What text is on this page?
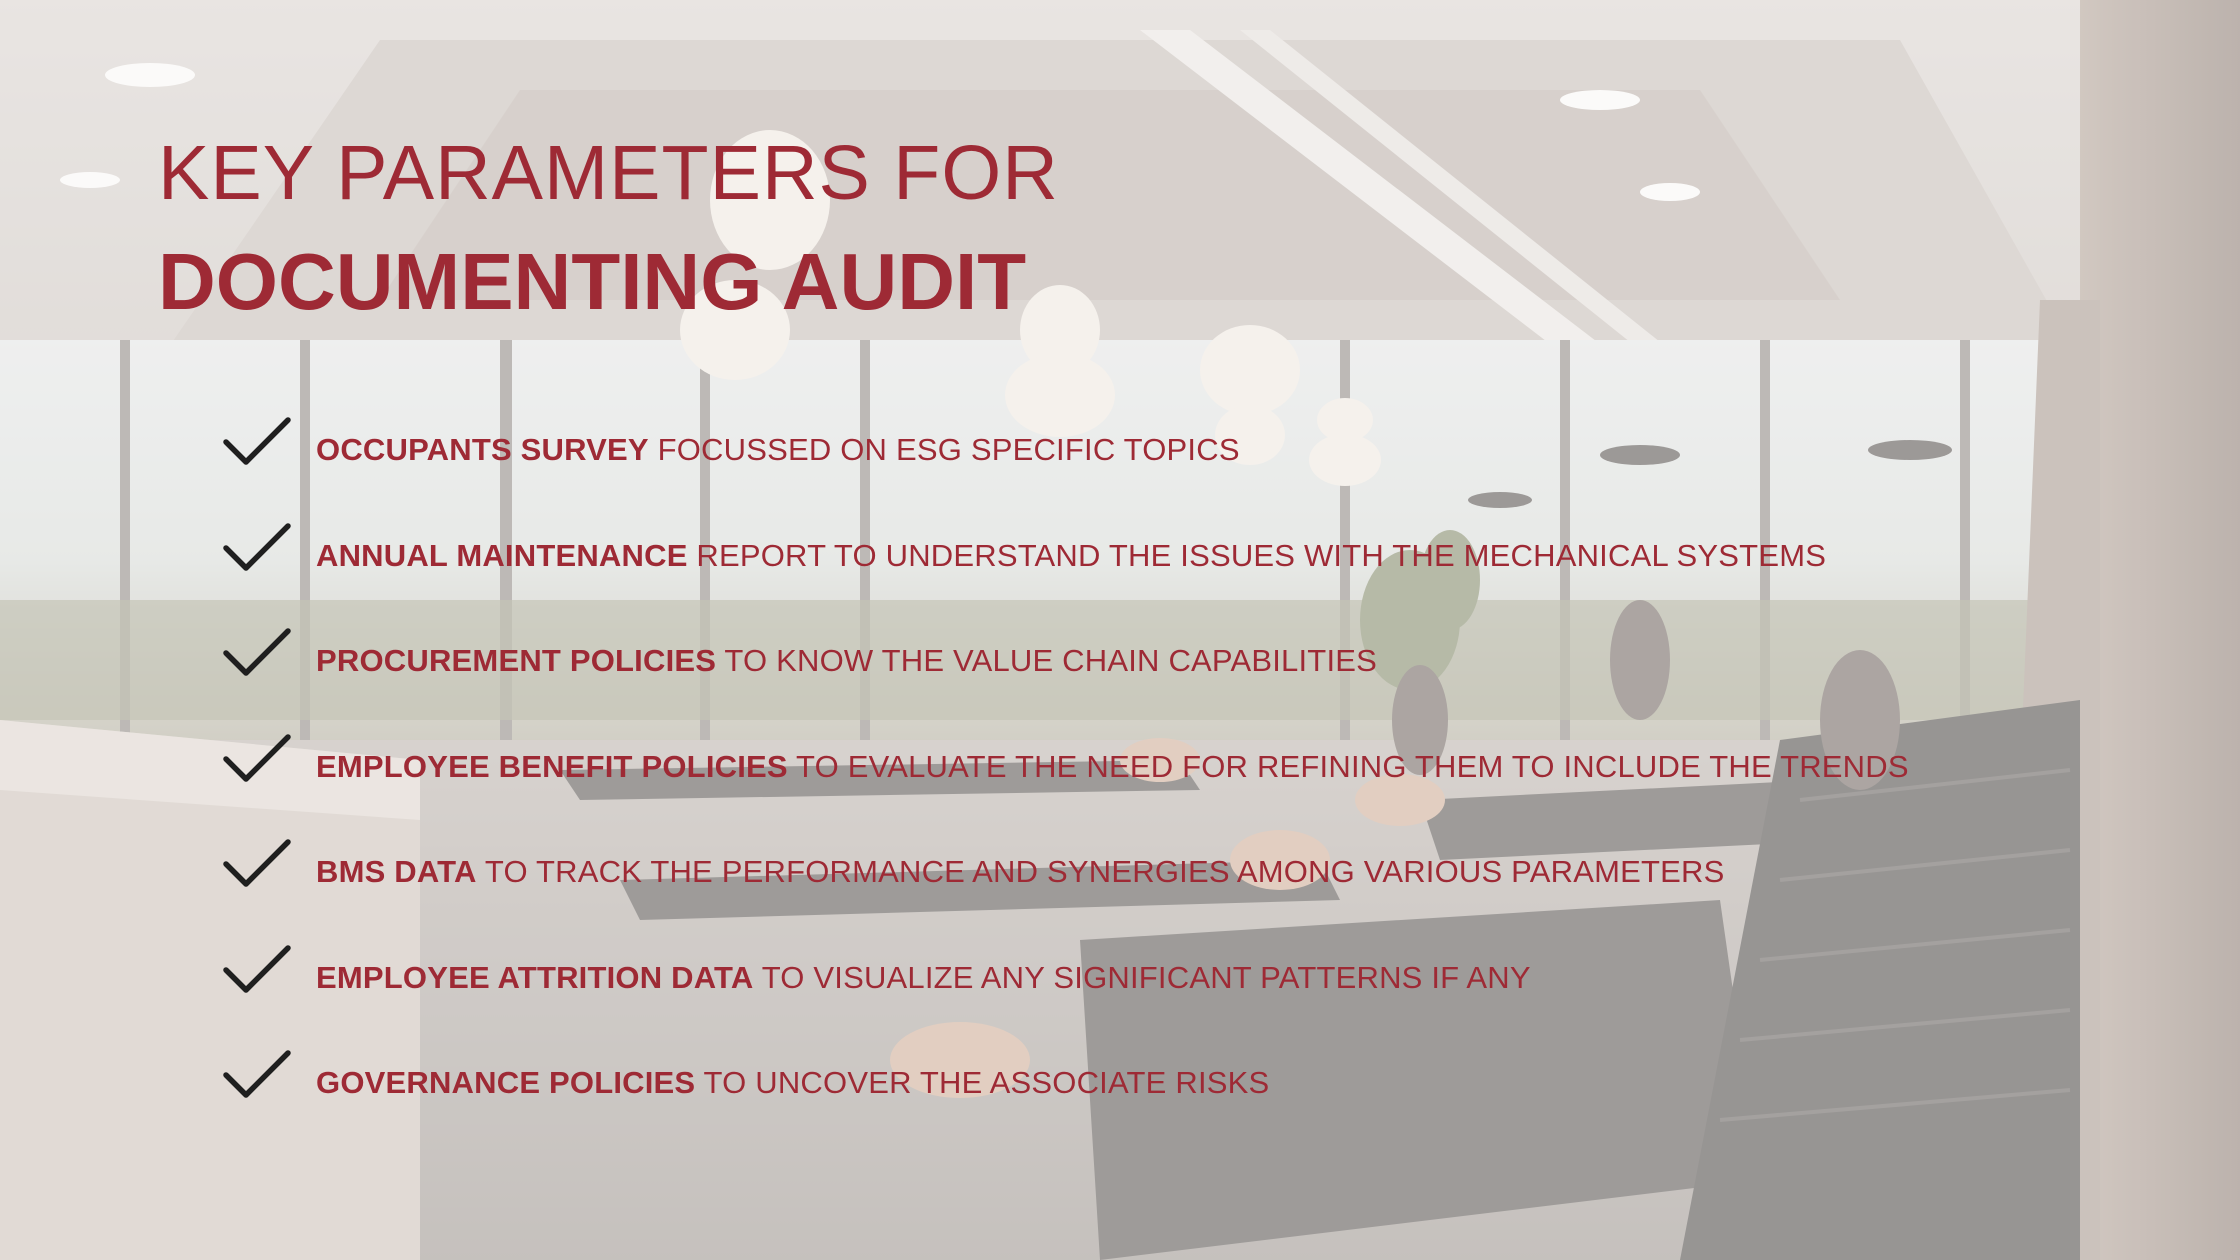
KEY PARAMETERS FOR
DOCUMENTING AUDIT
OCCUPANTS SURVEY FOCUSSED ON ESG SPECIFIC TOPICS
ANNUAL MAINTENANCE REPORT TO UNDERSTAND THE ISSUES WITH THE MECHANICAL SYSTEMS
PROCUREMENT POLICIES TO KNOW THE VALUE CHAIN CAPABILITIES
EMPLOYEE BENEFIT POLICIES TO EVALUATE THE NEED FOR REFINING THEM TO INCLUDE THE TRENDS
BMS DATA TO TRACK THE PERFORMANCE AND SYNERGIES AMONG VARIOUS PARAMETERS
EMPLOYEE ATTRITION DATA TO VISUALIZE ANY SIGNIFICANT PATTERNS IF ANY
GOVERNANCE POLICIES TO UNCOVER THE ASSOCIATE RISKS
